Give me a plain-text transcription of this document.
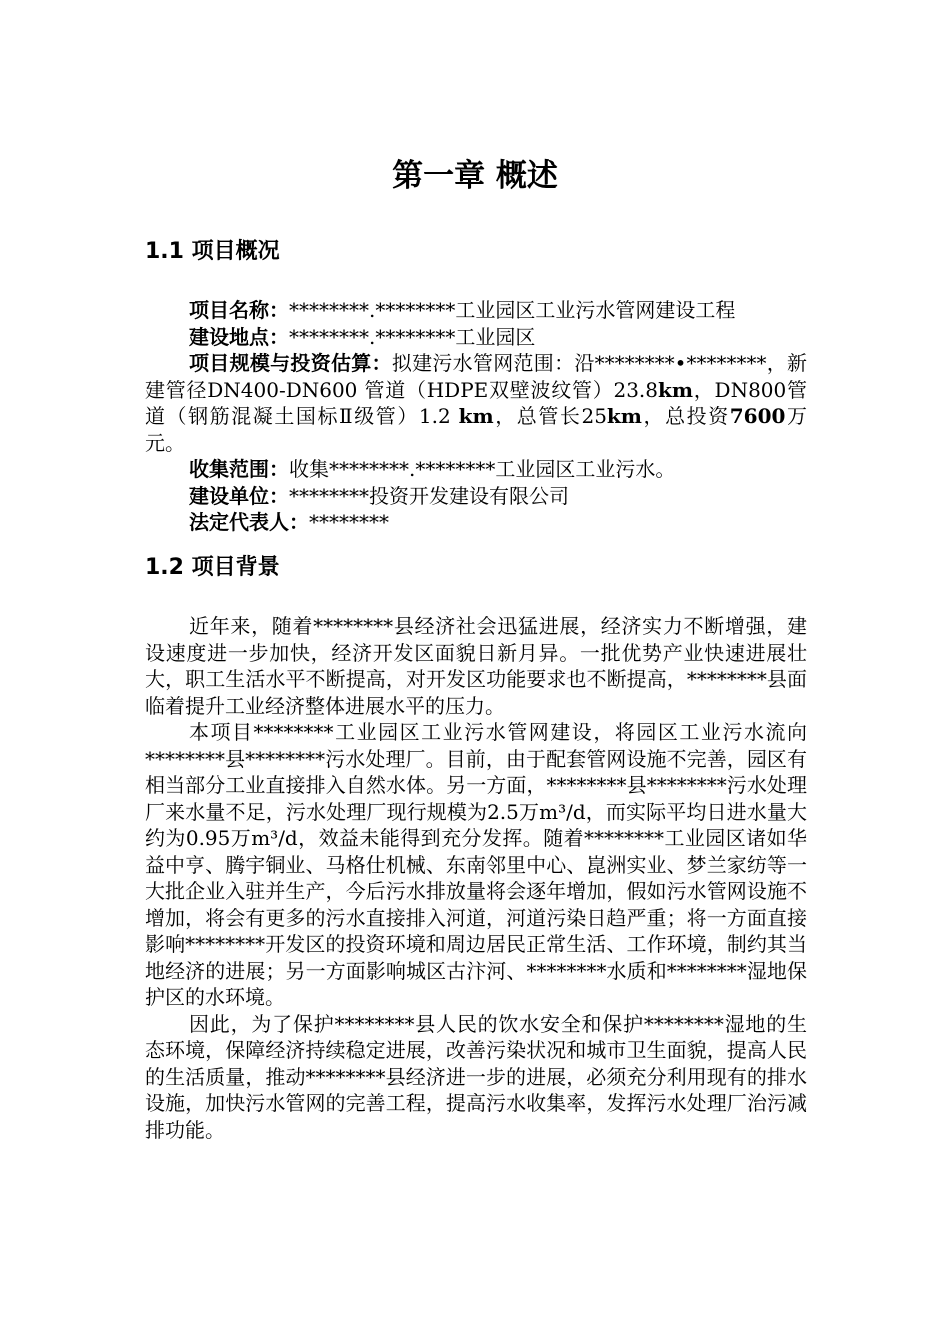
第一章 概述
1.1 项目概况

项目名称：********.********工业园区工业污水管网建设工程

建设地点：********.********工业园区

项目规模与投资估算：拟建污水管网范围：沿********•********，新建管径DN400-DN600 管道（HDPE双壁波纹管）23.8km，DN800管道（钢筋混凝土国标Ⅱ级管）1.2 km，总管长25km，总投资7600万元。

收集范围：收集********.********工业园区工业污水。

建设单位：********投资开发建设有限公司

法定代表人：********

1.2 项目背景

近年来，随着********县经济社会迅猛进展，经济实力不断增强，建设速度进一步加快，经济开发区面貌日新月异。一批优势产业快速进展壮大，职工生活水平不断提高，对开发区功能要求也不断提高，********县面临着提升工业经济整体进展水平的压力。

本项目********工业园区工业污水管网建设，将园区工业污水流向********县********污水处理厂。目前，由于配套管网设施不完善，园区有相当部分工业直接排入自然水体。另一方面，********县********污水处理厂来水量不足，污水处理厂现行规模为2.5万m³/d，而实际平均日进水量大约为0.95万m³/d，效益未能得到充分发挥。随着********工业园区诸如华益中亨、腾宇铜业、马格仕机械、东南邻里中心、崑洲实业、梦兰家纺等一大批企业入驻并生产，今后污水排放量将会逐年增加，假如污水管网设施不增加，将会有更多的污水直接排入河道，河道污染日趋严重；将一方面直接影响********开发区的投资环境和周边居民正常生活、工作环境，制约其当地经济的进展；另一方面影响城区古汴河、********水质和********湿地保护区的水环境。

因此，为了保护********县人民的饮水安全和保护********湿地的生态环境，保障经济持续稳定进展，改善污染状况和城市卫生面貌，提高人民的生活质量，推动********县经济进一步的进展，必须充分利用现有的排水设施，加快污水管网的完善工程，提高污水收集率，发挥污水处理厂治污减排功能。
